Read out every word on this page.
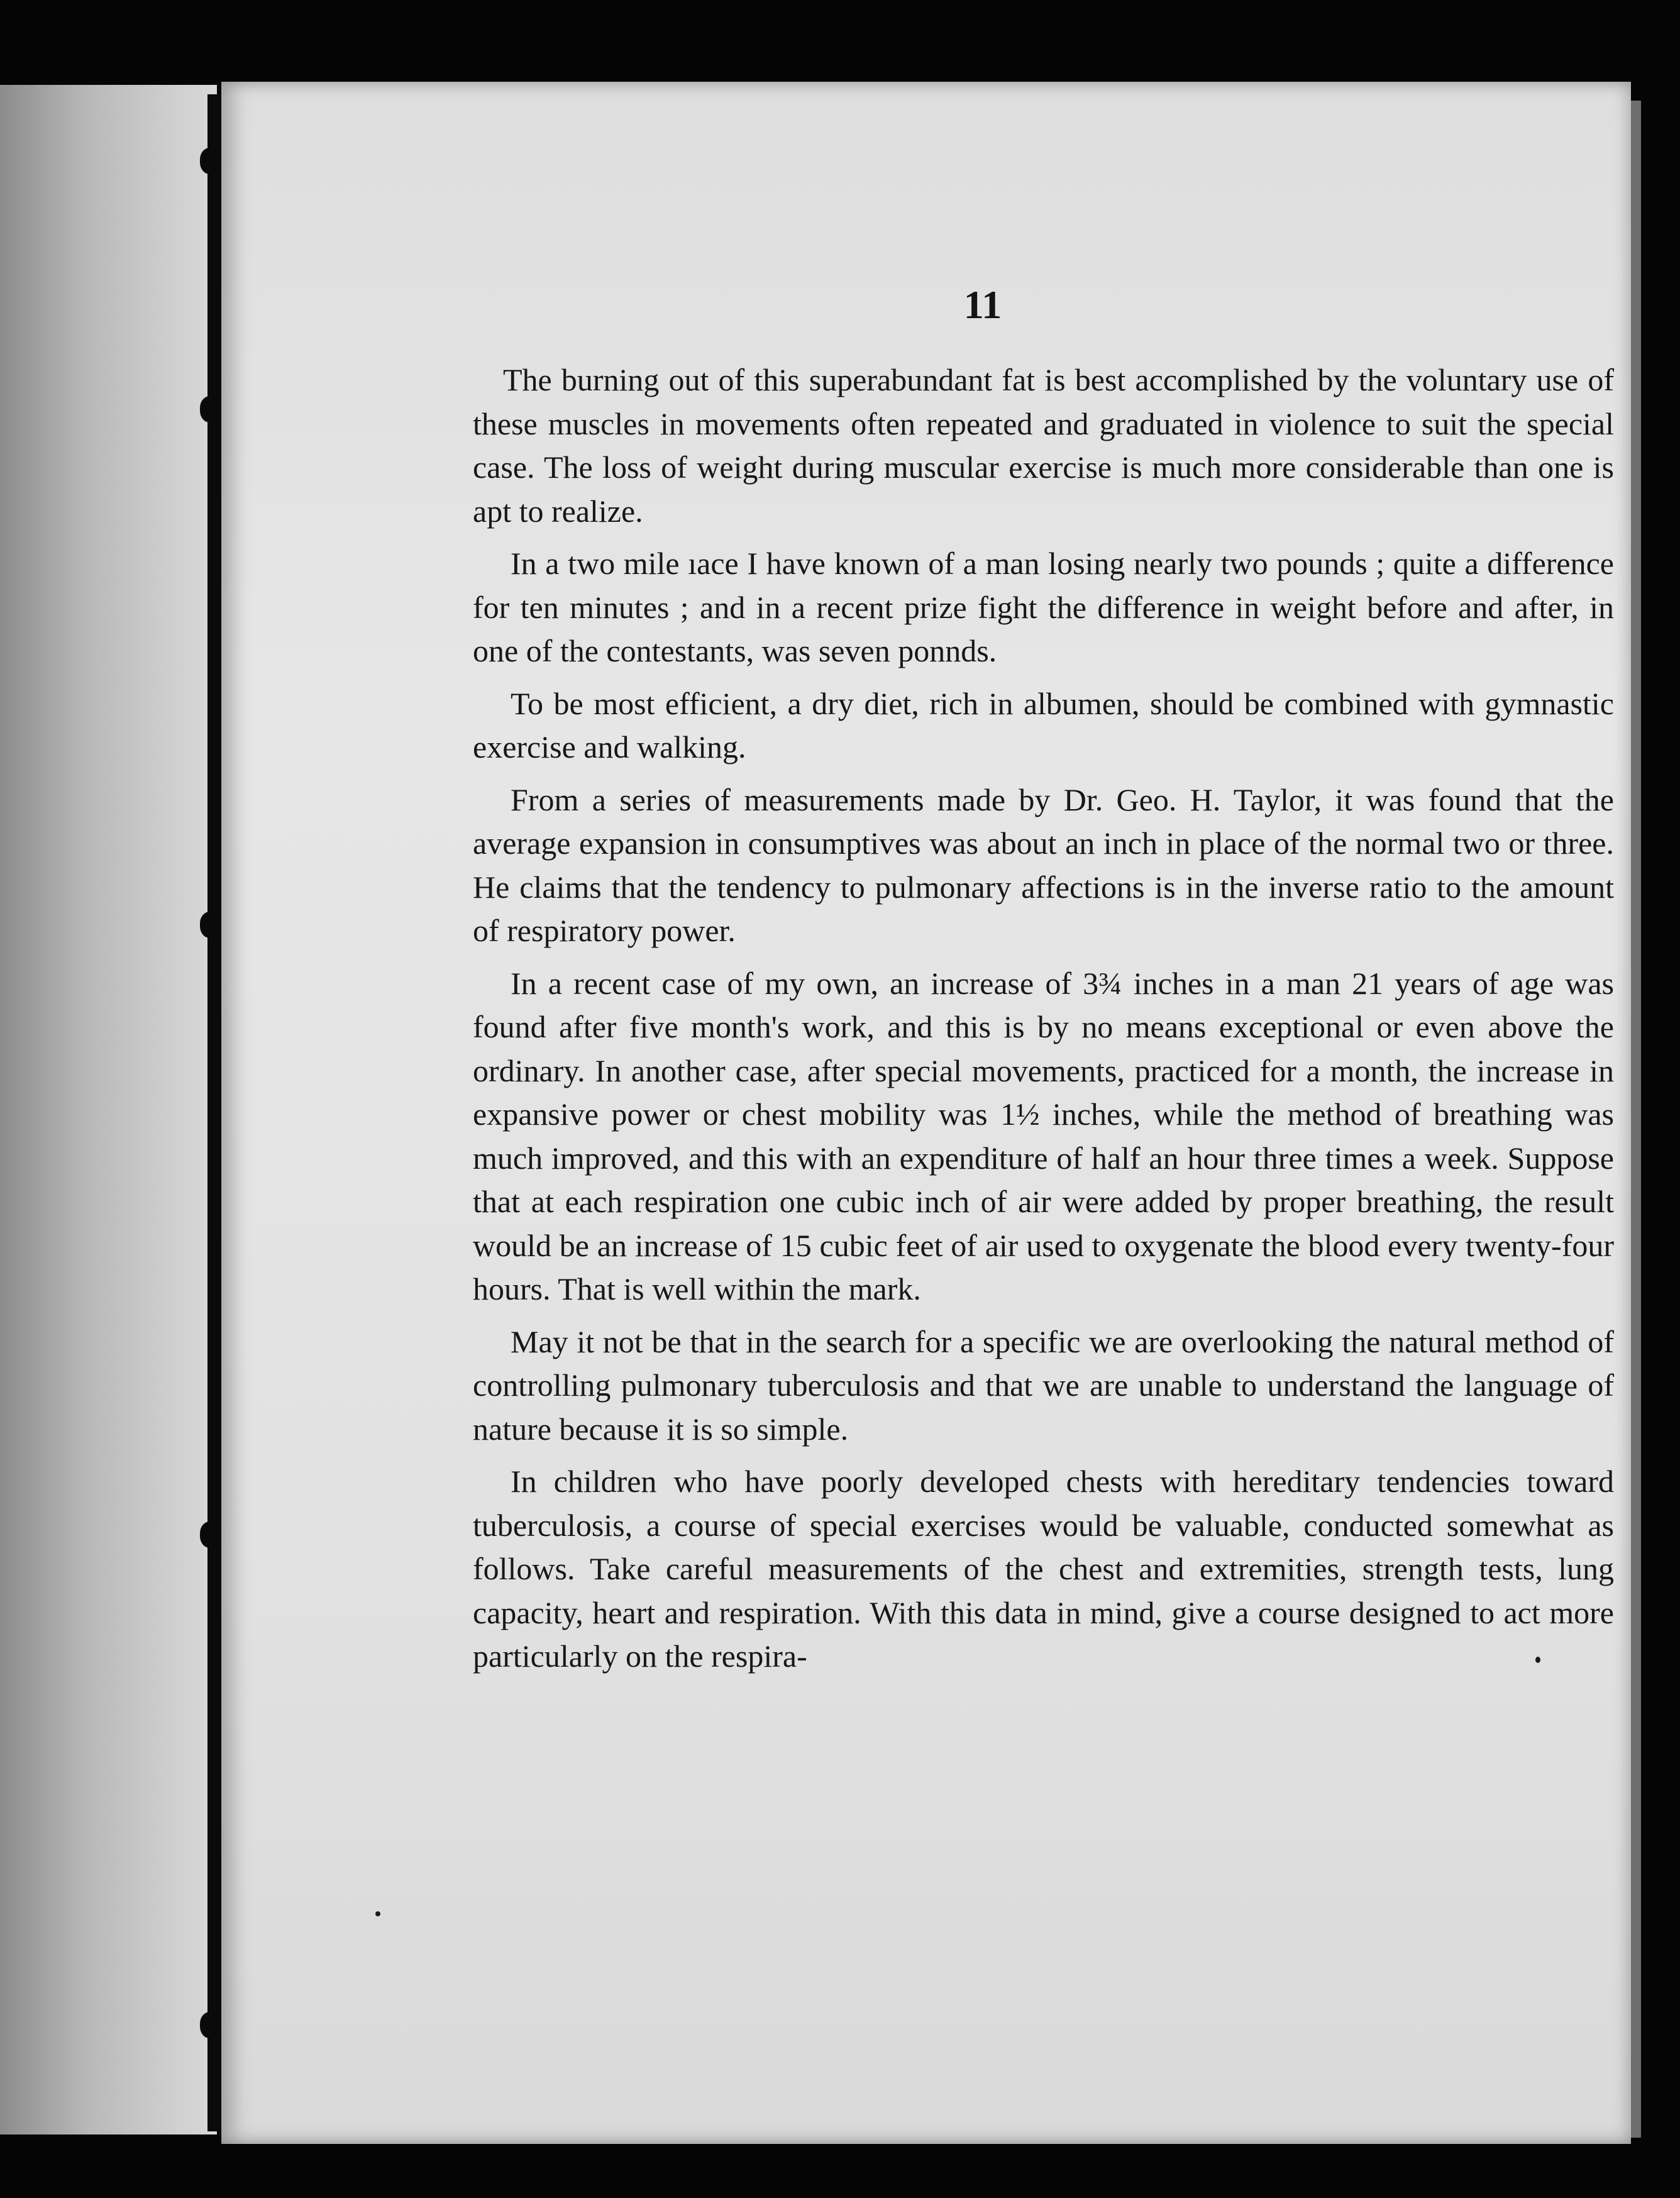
11

The burning out of this superabundant fat is best accomplished by the voluntary use of these muscles in movements often repeated and graduated in violence to suit the special case. The loss of weight during muscular exercise is much more considerable than one is apt to realize.

In a two mile ıace I have known of a man losing nearly two pounds ; quite a difference for ten minutes ; and in a recent prize fight the difference in weight before and after, in one of the contestants, was seven ponnds.

To be most efficient, a dry diet, rich in albumen, should be combined with gymnastic exercise and walking.

From a series of measurements made by Dr. Geo. H. Taylor, it was found that the average expansion in consumptives was about an inch in place of the normal two or three. He claims that the tendency to pulmonary affections is in the inverse ratio to the amount of respiratory power.

In a recent case of my own, an increase of 3¾ inches in a man 21 years of age was found after five month's work, and this is by no means exceptional or even above the ordinary. In another case, after special movements, practiced for a month, the increase in expansive power or chest mobility was 1½ inches, while the method of breathing was much improved, and this with an expenditure of half an hour three times a week. Suppose that at each respiration one cubic inch of air were added by proper breathing, the result would be an increase of 15 cubic feet of air used to oxygenate the blood every twenty-four hours. That is well within the mark.

May it not be that in the search for a specific we are overlooking the natural method of controlling pulmonary tuberculosis and that we are unable to understand the language of nature because it is so simple.

In children who have poorly developed chests with hereditary tendencies toward tuberculosis, a course of special exercises would be valuable, conducted somewhat as follows. Take careful measurements of the chest and extremities, strength tests, lung capacity, heart and respiration. With this data in mind, give a course designed to act more particularly on the respira-
